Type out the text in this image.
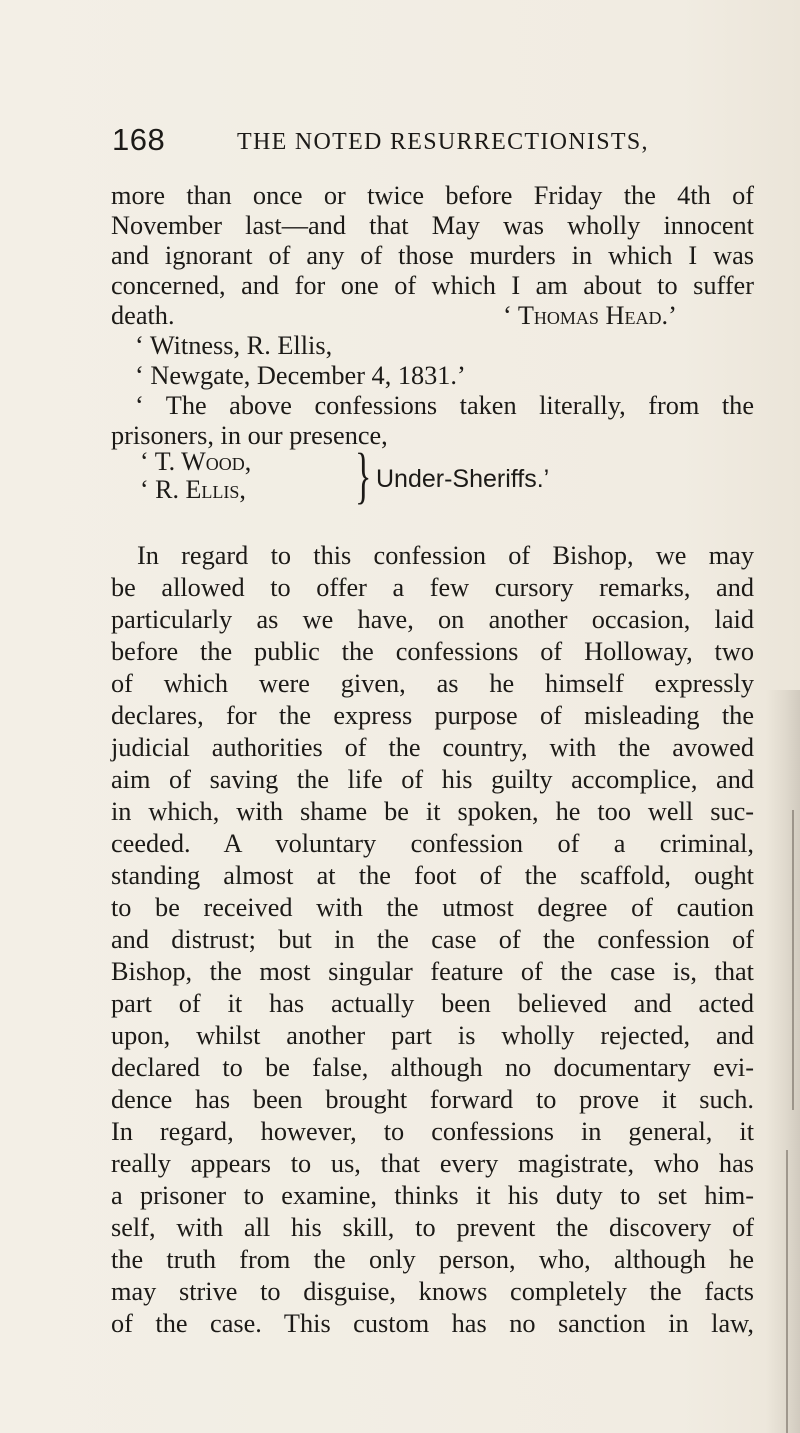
168	THE NOTED RESURRECTIONISTS,
more than once or twice before Friday the 4th of
November last—and that May was wholly innocent
and ignorant of any of those murders in which I was
concerned, and for one of which I am about to suffer
death.	‘ Thomas Head.’
‘ Witness, R. Ellis,
‘ Newgate, December 4, 1831.’
‘ The above confessions taken literally, from the
prisoners, in our presence,
‘ T. Wood,
‘ R. Ellis, } Under-Sheriffs.’
In regard to this confession of Bishop, we may
be allowed to offer a few cursory remarks, and
particularly as we have, on another occasion, laid
before the public the confessions of Holloway, two
of which were given, as he himself expressly
declares, for the express purpose of misleading the
judicial authorities of the country, with the avowed
aim of saving the life of his guilty accomplice, and
in which, with shame be it spoken, he too well suc-
ceeded. A voluntary confession of a criminal,
standing almost at the foot of the scaffold, ought
to be received with the utmost degree of caution
and distrust; but in the case of the confession of
Bishop, the most singular feature of the case is, that
part of it has actually been believed and acted
upon, whilst another part is wholly rejected, and
declared to be false, although no documentary evi-
dence has been brought forward to prove it such.
In regard, however, to confessions in general, it
really appears to us, that every magistrate, who has
a prisoner to examine, thinks it his duty to set him-
self, with all his skill, to prevent the discovery of
the truth from the only person, who, although he
may strive to disguise, knows completely the facts
of the case. This custom has no sanction in law,
